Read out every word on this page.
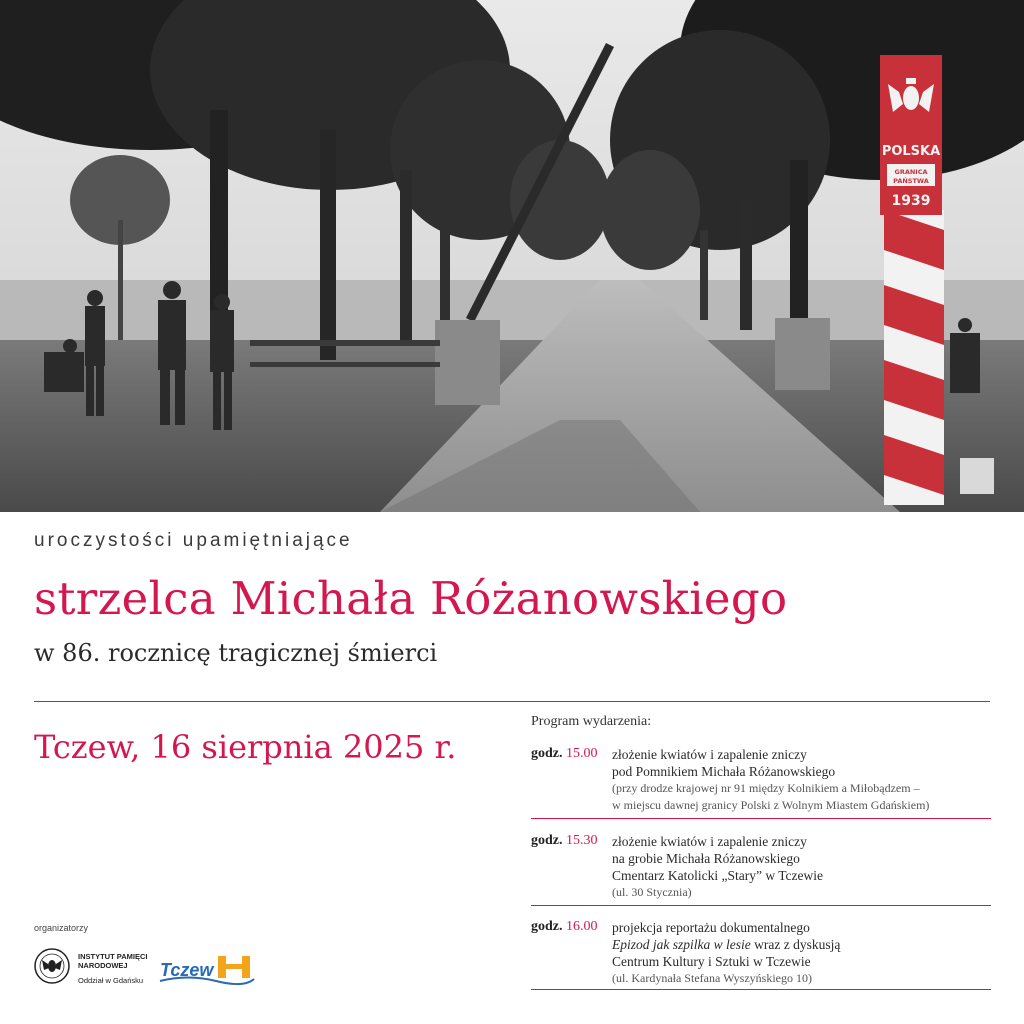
POLSKA
GRANICA
PAŃSTWA
1939
uroczystości upamiętniające
strzelca Michała Różanowskiego
w 86. rocznicę tragicznej śmierci
Tczew, 16 sierpnia 2025 r.
Program wydarzenia:
godz. 15.00 złożenie kwiatów i zapalenie zniczy
pod Pomnikiem Michała Różanowskiego
(przy drodze krajowej nr 91 między Kolnikiem a Miłobądzem –
w miejscu dawnej granicy Polski z Wolnym Miastem Gdańskiem)
godz. 15.30 złożenie kwiatów i zapalenie zniczy
na grobie Michała Różanowskiego
Cmentarz Katolicki „Stary” w Tczewie
(ul. 30 Stycznia)
godz. 16.00 projekcja reportażu dokumentalnego
Epizod jak szpilka w lesie wraz z dyskusją
Centrum Kultury i Sztuki w Tczewie
(ul. Kardynała Stefana Wyszyńskiego 10)
organizatorzy
INSTYTUT PAMIĘCI
NARODOWEJ
Oddział w Gdańsku
Tczew
